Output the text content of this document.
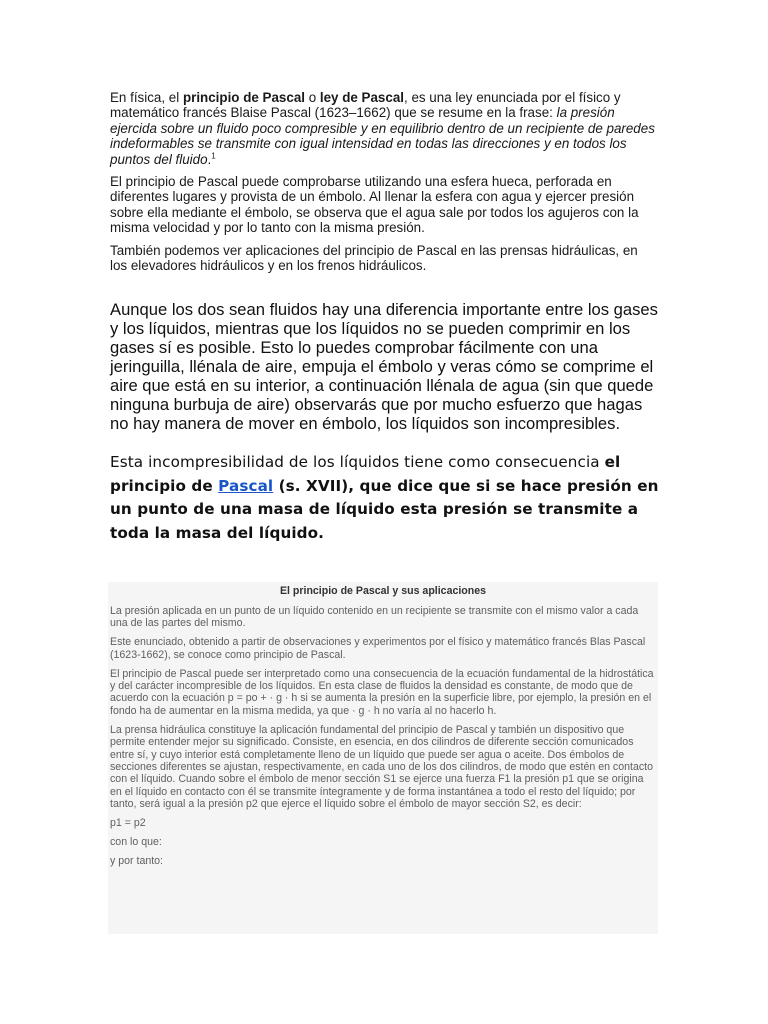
En física, el principio de Pascal o ley de Pascal, es una ley enunciada por el físico y matemático francés Blaise Pascal (1623–1662) que se resume en la frase: la presión ejercida sobre un fluido poco compresible y en equilibrio dentro de un recipiente de paredes indeformables se transmite con igual intensidad en todas las direcciones y en todos los puntos del fluido.$^1$

El principio de Pascal puede comprobarse utilizando una esfera hueca, perforada en diferentes lugares y provista de un émbolo. Al llenar la esfera con agua y ejercer presión sobre ella mediante el émbolo, se observa que el agua sale por todos los agujeros con la misma velocidad y por lo tanto con la misma presión.

También podemos ver aplicaciones del principio de Pascal en las prensas hidráulicas, en los elevadores hidráulicos y en los frenos hidráulicos.

Aunque los dos sean fluidos hay una diferencia importante entre los gases y los líquidos, mientras que los líquidos no se pueden comprimir en los gases sí es posible. Esto lo puedes comprobar fácilmente con una jeringuilla, llénala de aire, empuja el émbolo y veras cómo se comprime el aire que está en su interior, a continuación llénala de agua (sin que quede ninguna burbuja de aire) observarás que por mucho esfuerzo que hagas no hay manera de mover en émbolo, los líquidos son incompresibles.

Esta incompresibilidad de los líquidos tiene como consecuencia el principio de Pascal (s. XVII), que dice que si se hace presión en un punto de una masa de líquido esta presión se transmite a toda la masa del líquido.

El principio de Pascal y sus aplicaciones

La presión aplicada en un punto de un líquido contenido en un recipiente se transmite con el mismo valor a cada una de las partes del mismo.

Este enunciado, obtenido a partir de observaciones y experimentos por el físico y matemático francés Blas Pascal (1623-1662), se conoce como principio de Pascal.

El principio de Pascal puede ser interpretado como una consecuencia de la ecuación fundamental de la hidrostática y del carácter incompresible de los líquidos. En esta clase de fluidos la densidad es constante, de modo que de acuerdo con la ecuación p = po + · g · h si se aumenta la presión en la superficie libre, por ejemplo, la presión en el fondo ha de aumentar en la misma medida, ya que · g · h no varía al no hacerlo h.

La prensa hidráulica constituye la aplicación fundamental del principio de Pascal y también un dispositivo que permite entender mejor su significado. Consiste, en esencia, en dos cilindros de diferente sección comunicados entre sí, y cuyo interior está completamente lleno de un líquido que puede ser agua o aceite. Dos émbolos de secciones diferentes se ajustan, respectivamente, en cada uno de los dos cilindros, de modo que estén en contacto con el líquido. Cuando sobre el émbolo de menor sección S1 se ejerce una fuerza F1 la presión p1 que se origina en el líquido en contacto con él se transmite íntegramente y de forma instantánea a todo el resto del líquido; por tanto, será igual a la presión p2 que ejerce el líquido sobre el émbolo de mayor sección S2, es decir:

p1 = p2

con lo que:

y por tanto:
